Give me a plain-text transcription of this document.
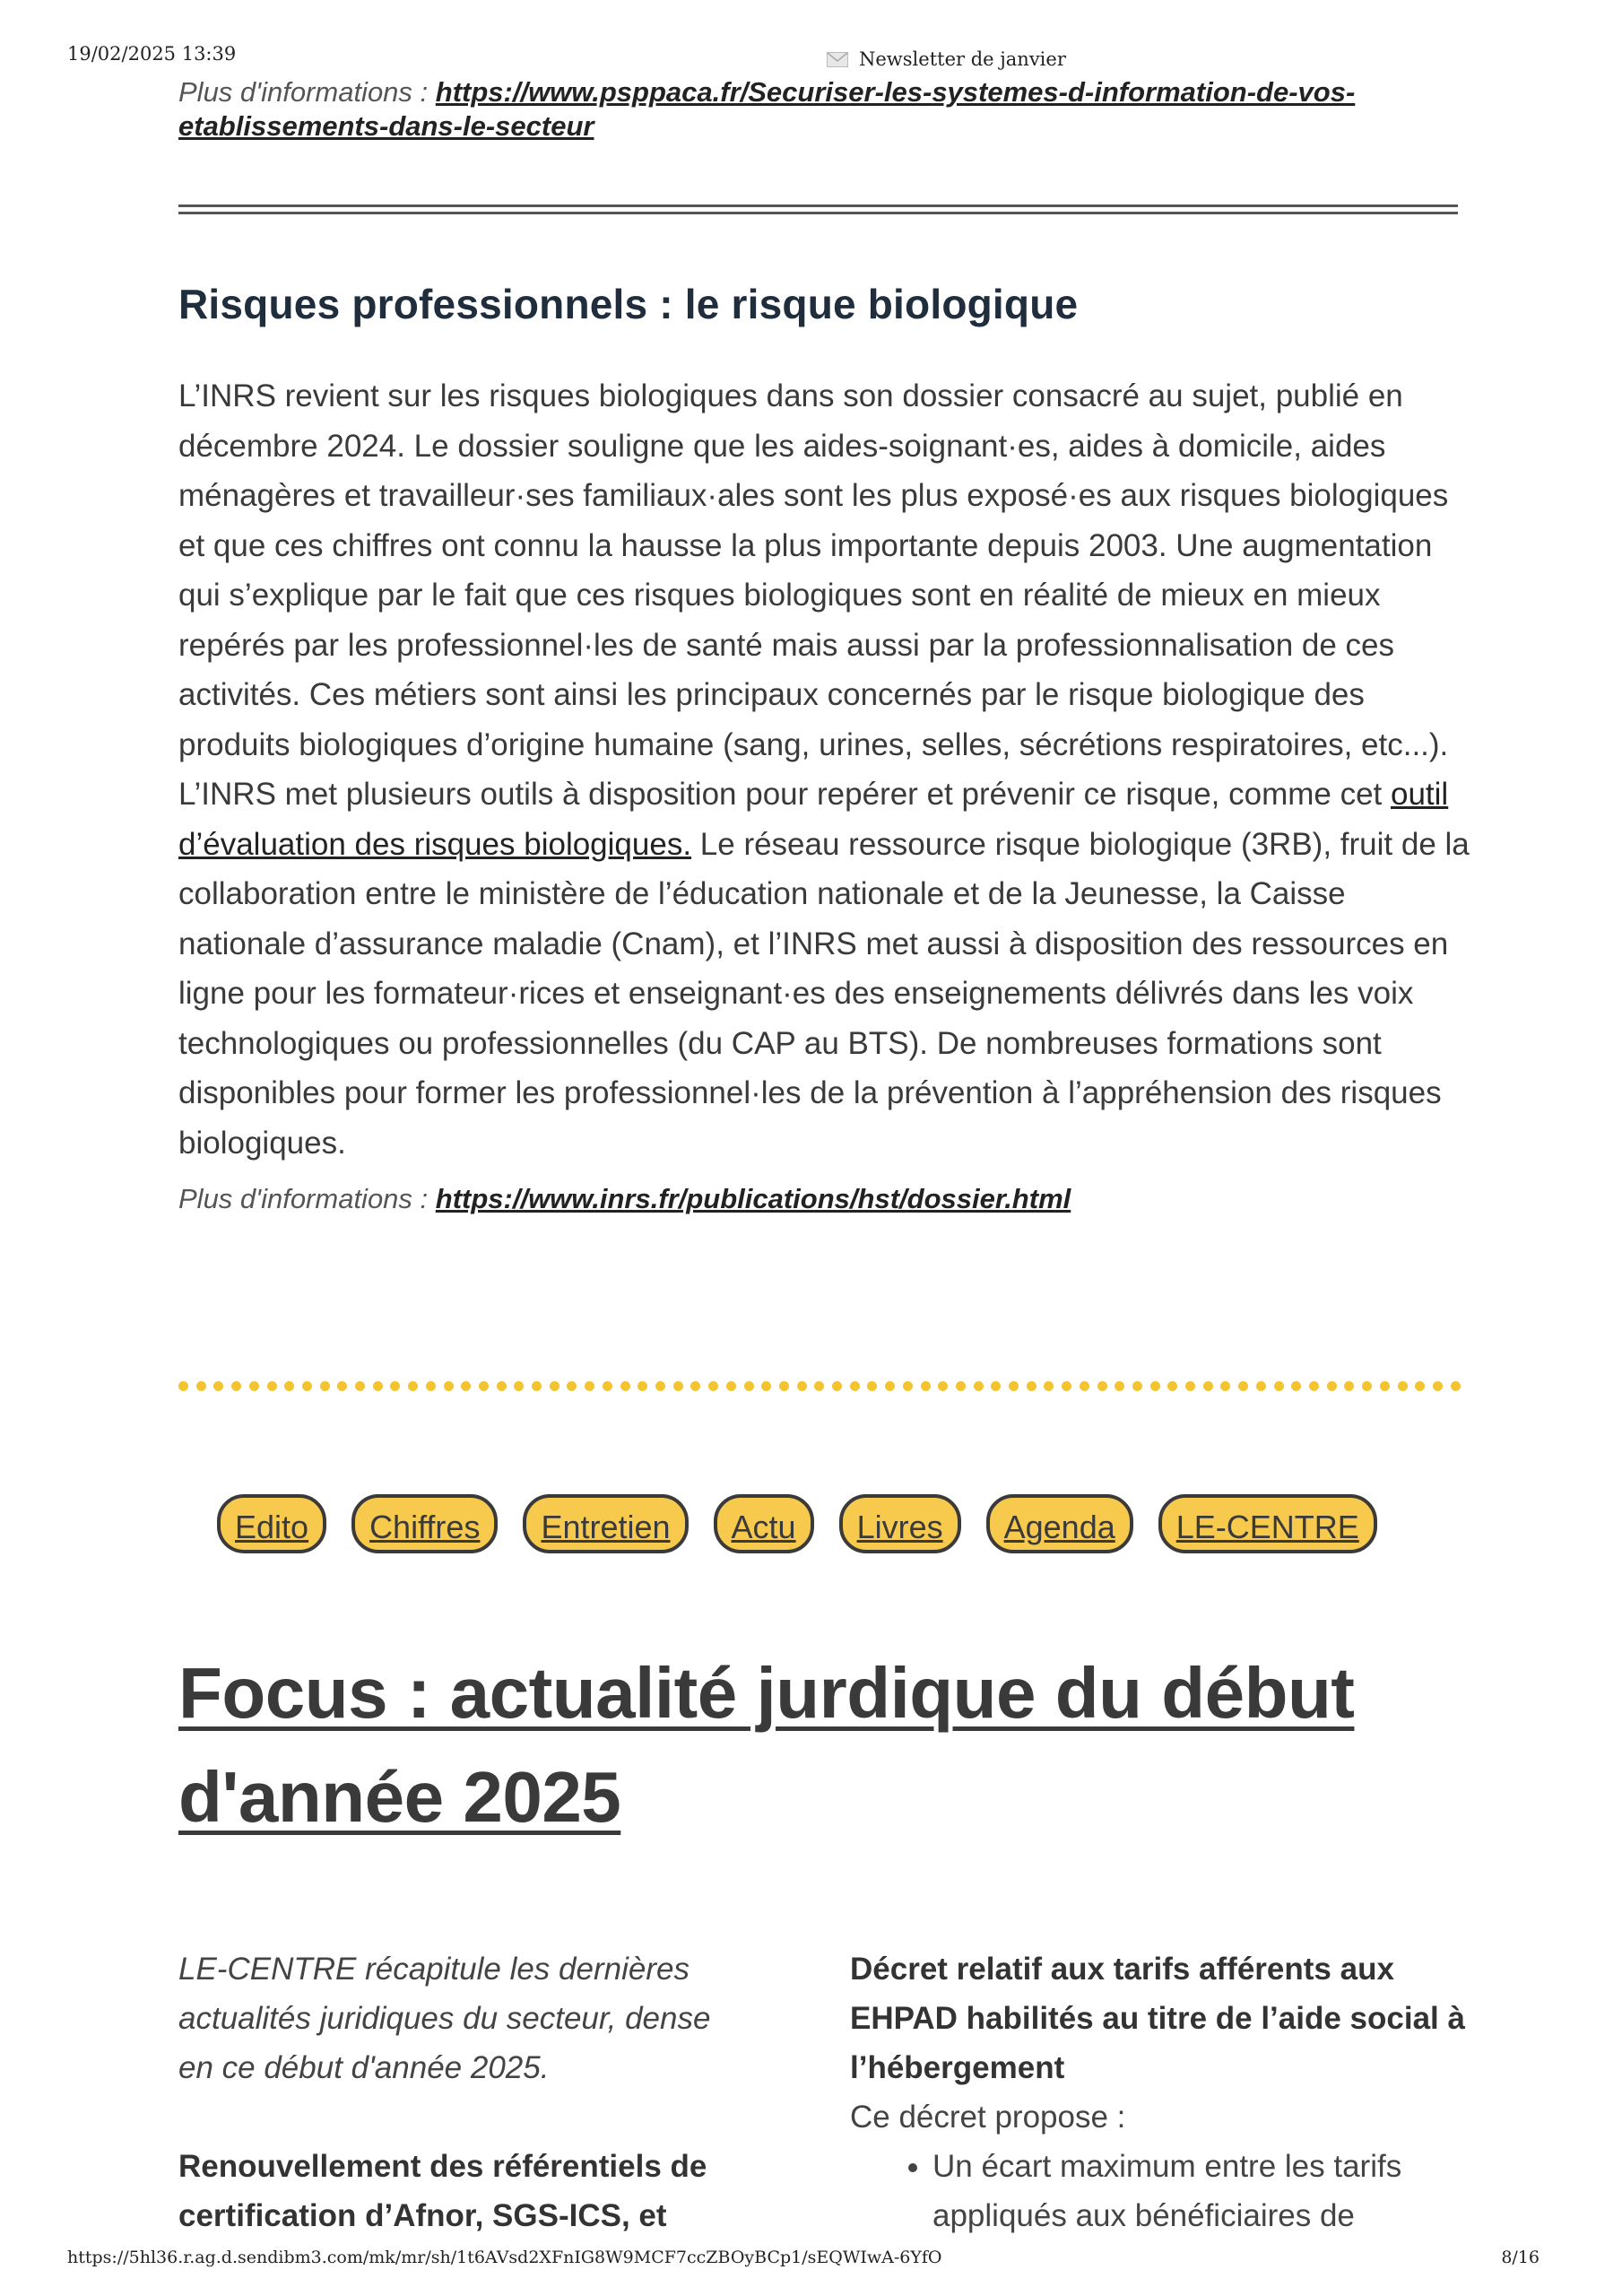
19/02/2025 13:39	Newsletter de janvier
Plus d'informations : https://www.psppaca.fr/Securiser-les-systemes-d-information-de-vos-
etablissements-dans-le-secteur
Risques professionnels : le risque biologique

L’INRS revient sur les risques biologiques dans son dossier consacré au sujet, publié en décembre 2024. Le dossier souligne que les aides-soignant·es, aides à domicile, aides ménagères et travailleur·ses familiaux·ales sont les plus exposé·es aux risques biologiques et que ces chiffres ont connu la hausse la plus importante depuis 2003. Une augmentation qui s’explique par le fait que ces risques biologiques sont en réalité de mieux en mieux repérés par les professionnel·les de santé mais aussi par la professionnalisation de ces activités. Ces métiers sont ainsi les principaux concernés par le risque biologique des produits biologiques d’origine humaine (sang, urines, selles, sécrétions respiratoires, etc...).

L’INRS met plusieurs outils à disposition pour repérer et prévenir ce risque, comme cet outil d’évaluation des risques biologiques. Le réseau ressource risque biologique (3RB), fruit de la collaboration entre le ministère de l’éducation nationale et de la Jeunesse, la Caisse nationale d’assurance maladie (Cnam), et l’INRS met aussi à disposition des ressources en ligne pour les formateur·rices et enseignant·es des enseignements délivrés dans les voix technologiques ou professionnelles (du CAP au BTS). De nombreuses formations sont disponibles pour former les professionnel·les de la prévention à l’appréhension des risques biologiques.

Plus d'informations : https://www.inrs.fr/publications/hst/dossier.html

Edito	Chiffres	Entretien	Actu	Livres	Agenda	LE-CENTRE
Focus : actualité jurdique du début
d'année 2025

LE-CENTRE récapitule les dernières actualités juridiques du secteur, dense en ce début d'année 2025.

Renouvellement des référentiels de certification d’Afnor, SGS-ICS, et

Décret relatif aux tarifs afférents aux EHPAD habilités au titre de l’aide social à l’hébergement

Ce décret propose :

• Un écart maximum entre les tarifs appliqués aux bénéficiaires de
https://5hl36.r.ag.d.sendibm3.com/mk/mr/sh/1t6AVsd2XFnIG8W9MCF7ccZBOyBCp1/sEQWIwA-6YfO	8/16
